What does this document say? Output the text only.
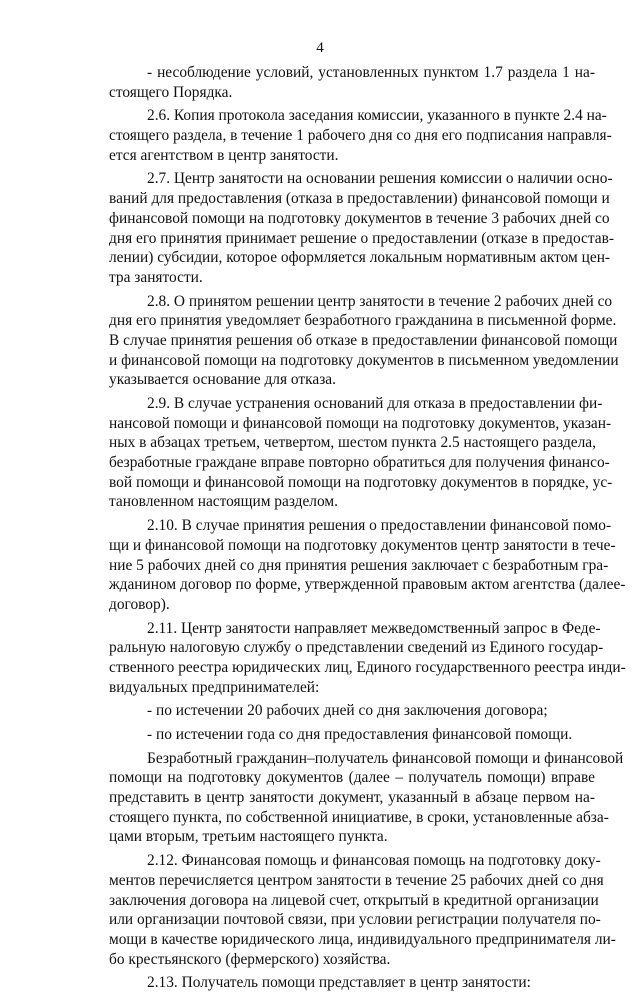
4
- несоблюдение условий, установленных пунктом 1.7 раздела 1 на-
стоящего Порядка.
2.6. Копия протокола заседания комиссии, указанного в пункте 2.4 на-
стоящего раздела, в течение 1 рабочего дня со дня его подписания направля-
ется агентством в центр занятости.
2.7. Центр занятости на основании решения комиссии о наличии осно-
ваний для предоставления (отказа в предоставлении) финансовой помощи и
финансовой помощи на подготовку документов в течение 3 рабочих дней со
дня его принятия принимает решение о предоставлении (отказе в предостав-
лении) субсидии, которое оформляется локальным нормативным актом цен-
тра занятости.
2.8. О принятом решении центр занятости в течение 2 рабочих дней со
дня его принятия уведомляет безработного гражданина в письменной форме.
В случае принятия решения об отказе в предоставлении финансовой помощи
и финансовой помощи на подготовку документов в письменном уведомлении
указывается основание для отказа.
2.9. В случае устранения оснований для отказа в предоставлении фи-
нансовой помощи и финансовой помощи на подготовку документов, указан-
ных в абзацах третьем, четвертом, шестом пункта 2.5 настоящего раздела,
безработные граждане вправе повторно обратиться для получения финансо-
вой помощи и финансовой помощи на подготовку документов в порядке, ус-
тановленном настоящим разделом.
2.10. В случае принятия решения о предоставлении финансовой помо-
щи и финансовой помощи на подготовку документов центр занятости в тече-
ние 5 рабочих дней со дня принятия решения заключает с безработным гра-
жданином договор по форме, утвержденной правовым актом агентства (далее-
договор).
2.11. Центр занятости направляет межведомственный запрос в Федe-
ральную налоговую службу о представлении сведений из Единого государ-
ственного реестра юридических лиц, Единого государственного реестра инди-
видуальных предпринимателей:
- по истечении 20 рабочих дней со дня заключения договора;
- по истечении года со дня предоставления финансовой помощи.
Безработный гражданин–получатель финансовой помощи и финансовой
помощи на подготовку документов (далее – получатель помощи) вправе
представить в центр занятости документ, указанный в абзаце первом на-
стоящего пункта, по собственной инициативе, в сроки, установленные абза-
цами вторым, третьим настоящего пункта.
2.12. Финансовая помощь и финансовая помощь на подготовку доку-
ментов перечисляется центром занятости в течение 25 рабочих дней со дня
заключения договора на лицевой счет, открытый в кредитной организации
или организации почтовой связи, при условии регистрации получателя по-
мощи в качестве юридического лица, индивидуального предпринимателя ли-
бо крестьянского (фермерского) хозяйства.
2.13. Получатель помощи представляет в центр занятости:
